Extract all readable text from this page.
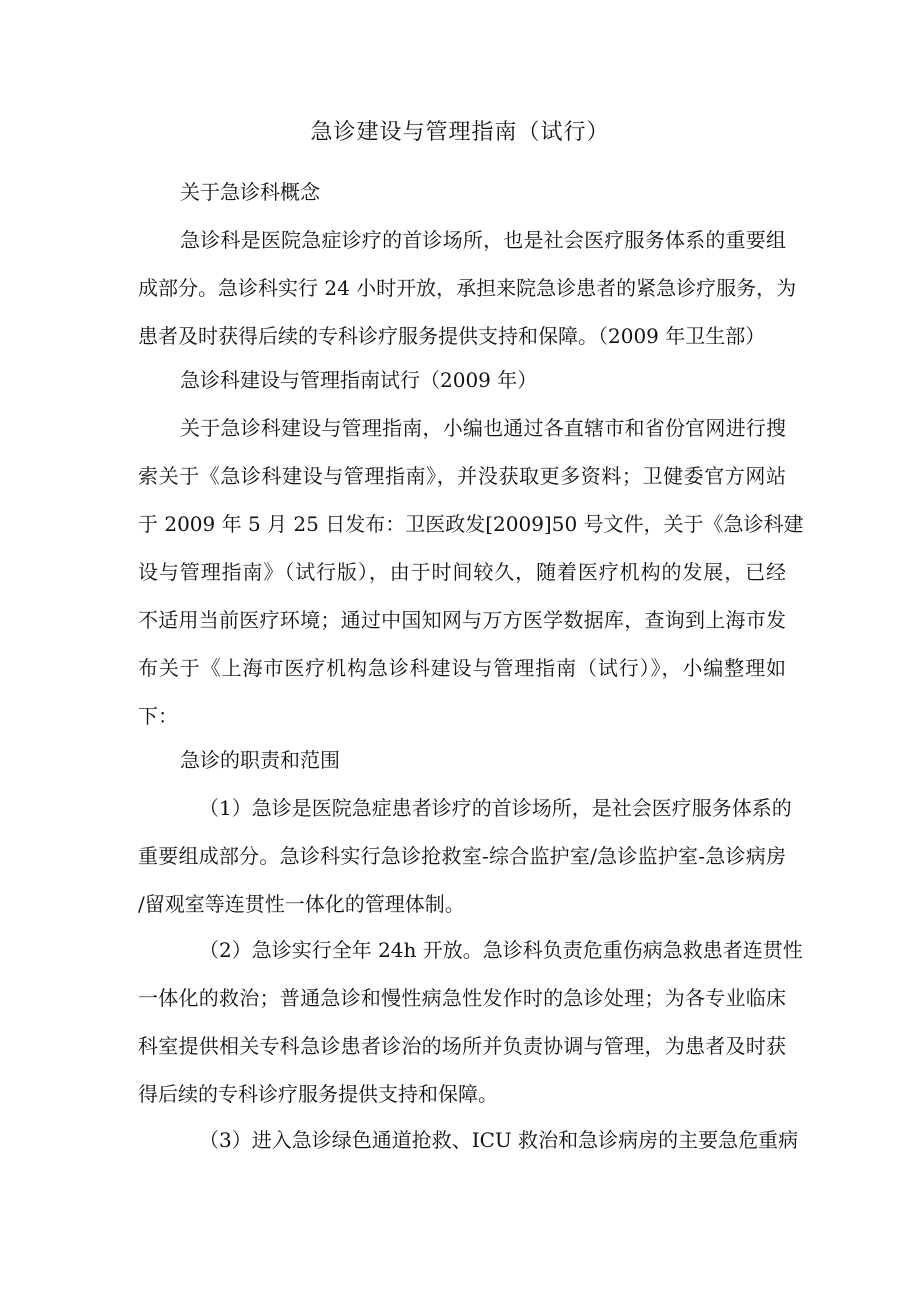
急诊建设与管理指南（试行）

关于急诊科概念

急诊科是医院急症诊疗的首诊场所，也是社会医疗服务体系的重要组
成部分。急诊科实行 24 小时开放，承担来院急诊患者的紧急诊疗服务，为
患者及时获得后续的专科诊疗服务提供支持和保障。（2009 年卫生部）

急诊科建设与管理指南试行（2009 年）

关于急诊科建设与管理指南，小编也通过各直辖市和省份官网进行搜
索关于《急诊科建设与管理指南》，并没获取更多资料；卫健委官方网站
于 2009 年 5 月 25 日发布：卫医政发[2009]50 号文件，关于《急诊科建
设与管理指南》（试行版），由于时间较久，随着医疗机构的发展，已经
不适用当前医疗环境；通过中国知网与万方医学数据库，查询到上海市发
布关于《上海市医疗机构急诊科建设与管理指南（试行）》，小编整理如
下：

急诊的职责和范围

（1）急诊是医院急症患者诊疗的首诊场所，是社会医疗服务体系的
重要组成部分。急诊科实行急诊抢救室-综合监护室/急诊监护室-急诊病房
/留观室等连贯性一体化的管理体制。

（2）急诊实行全年 24h 开放。急诊科负责危重伤病急救患者连贯性
一体化的救治；普通急诊和慢性病急性发作时的急诊处理；为各专业临床
科室提供相关专科急诊患者诊治的场所并负责协调与管理，为患者及时获
得后续的专科诊疗服务提供支持和保障。

（3）进入急诊绿色通道抢救、ICU 救治和急诊病房的主要急危重病
